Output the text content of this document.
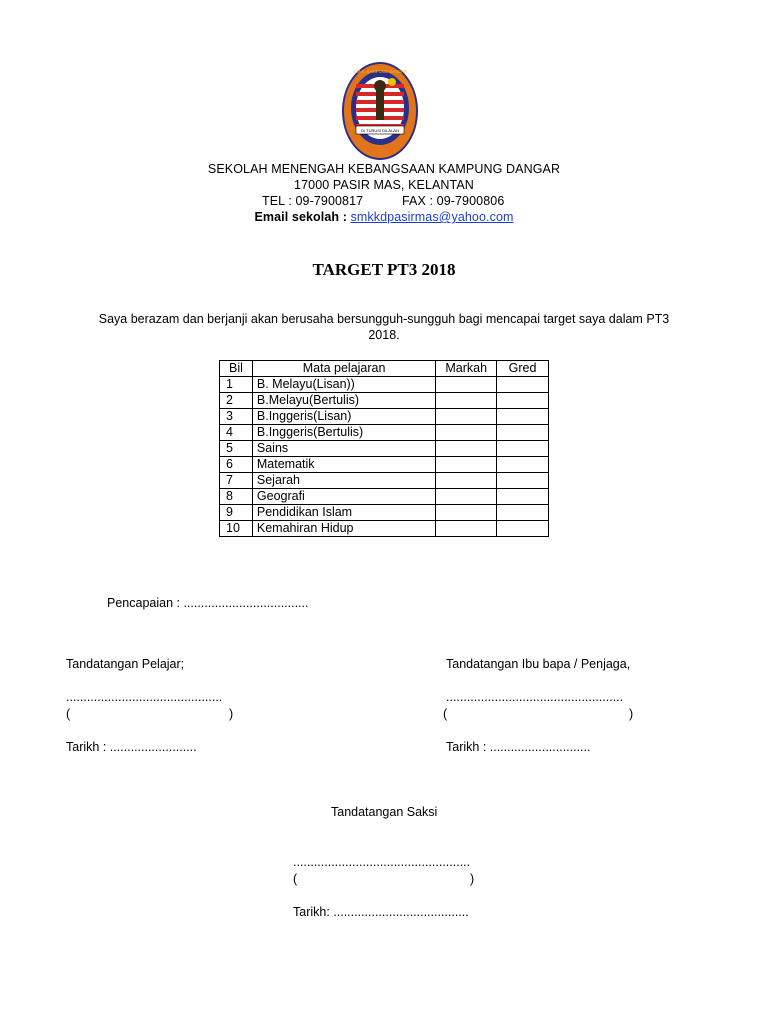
DI TURUSI DILALAN
S.M.K. KAMPUNG DANGAR
SEKOLAH MENENGAH KEBANGSAAN KAMPUNG DANGAR
17000 PASIR MAS, KELANTAN
TEL : 09-7900817	FAX : 09-7900806
Email sekolah : smkkdpasirmas@yahoo.com
TARGET PT3 2018
Saya berazam dan berjanji akan berusaha bersungguh-sungguh bagi mencapai target saya dalam PT3
2018.
Bil	Mata pelajaran	Markah	Gred
1	B. Melayu(Lisan))		
2	B.Melayu(Bertulis)		
3	B.Inggeris(Lisan)		
4	B.Inggeris(Bertulis)		
5	Sains		
6	Matematik		
7	Sejarah		
8	Geografi		
9	Pendidikan Islam		
10	Kemahiran Hidup		
Pencapaian : ....................................
Tandatangan Pelajar;
.............................................
(	)
Tarikh : .........................
Tandatangan Ibu bapa / Penjaga,
...................................................
(	)
Tarikh : .............................
Tandatangan Saksi
...................................................
(	)
Tarikh: .......................................
